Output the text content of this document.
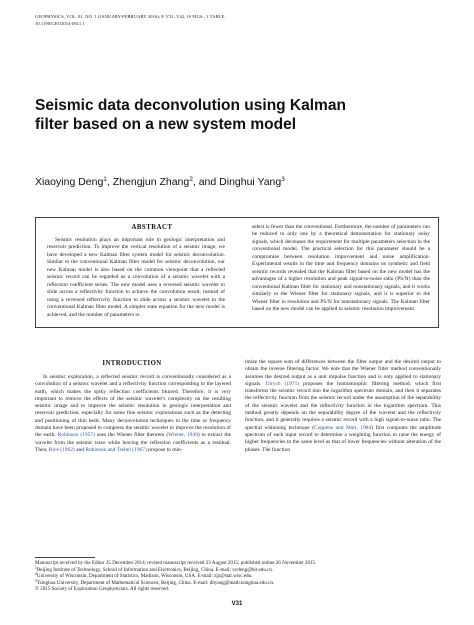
GEOPHYSICS, VOL. 81, NO. 1 (JANUARY-FEBRUARY 2016); P. V31–V42, 10 FIGS., 1 TABLE.
10.1190/GEO2014-0611.1
Seismic data deconvolution using Kalman
filter based on a new system model
Xiaoying Deng$^1$, Zhengjun Zhang$^2$, and Dinghui Yang$^3$
ABSTRACT

Seismic resolution plays an important role in geologic interpretation and reservoir prediction. To improve the vertical resolution of a seismic image, we have developed a new Kalman filter system model for seismic deconvolution. Similar to the conventional Kalman filter model for seismic deconvolution, our new Kalman model is also based on the common viewpoint that a reflected seismic record can be regarded as a convolution of a seismic wavelet with a reflection coefficient series. The new model uses a reversed seismic wavelet to slide across a reflectivity function to achieve the convolution result, instead of using a reversed reflectivity function to slide across a seismic wavelet in the conventional Kalman filter model. A simpler state equation for the new model is achieved, and the number of parameters to

select is fewer than the conventional. Furthermore, the number of parameters can be reduced to only one by a theoretical demonstration for stationary noisy signals, which decreases the requirement for multiple parameters selection in the conventional model. The practical selection for this parameter should be a compromise between resolution improvement and noise amplification. Experimental results in the time and frequency domains on synthetic and field seismic records revealed that the Kalman filter based on the new model has the advantages of a higher resolution and peak signal-to-noise ratio (PS/N) than the conventional Kalman filter for stationary and nonstationary signals, and it works similarly to the Wiener filter for stationary signals, and it is superior to the Wiener filter in resolution and PS/N for nonstationary signals. The Kalman filter based on the new model can be applied to seismic resolution improvement.

INTRODUCTION

In seismic exploration, a reflected seismic record is conventionally considered as a convolution of a seismic wavelet and a reflectivity function corresponding to the layered earth, which makes the spiky reflection coefficients blurred. Therefore, it is very important to remove the effects of the seismic wavelet’s complexity on the resulting seismic image and to improve the seismic resolution in geologic interpretation and reservoir prediction, especially for some fine seismic explorations such as the detecting and positioning of thin beds. Many deconvolution techniques in the time or frequency domain have been proposed to compress the seismic wavelet to improve the resolution of the earth. Robinson (1957) uses the Wiener filter theorem (Wiener, 1949) to extract the wavelet from the seismic trace while leaving the reflection coefficients as a residual. Then, Rice (1962) and Robinson and Treitel (1967) propose to min-

imize the square sum of differences between the filter output and the desired output to obtain the inverse filtering factor. We note that the Wiener filter method conventionally assumes the desired output as a unit impulse function and is only applied to stationary signals. Ulrych (1971) proposes the homomorphic filtering method, which first transforms the seismic record into the logarithm spectrum domain, and then it separates the reflectivity function from the seismic record under the assumption of the separability of the seismic wavelet and the reflectivity function in the logarithm spectrum. This method greatly depends on the separability degree of the wavelet and the reflectivity function, and it generally requires a seismic record with a high signal-to-noise ratio. The spectral whitening technique (Coppens and Mari, 1984) first computes the amplitude spectrum of each input record to determine a weighting function to raise the energy of higher frequencies to the same level as that of lower frequencies without alteration of the phases. The function

Manuscript received by the Editor 25 December 2014; revised manuscript received 23 August 2015; published online 26 November 2015.
$^1$Beijing Institute of Technology, School of Information and Electronics, Beijing, China. E-mail: xydeng@bit.edu.cn.
$^2$University of Wisconsin, Department of Statistics, Madison, Wisconsin, USA. E-mail: zjz@stat.wisc.edu.
$^3$Tsinghua University, Department of Mathematical Sciences, Beijing, China. E-mail: dhyang@math.tsinghua.edu.cn.
© 2015 Society of Exploration Geophysicists. All rights reserved.
V31
